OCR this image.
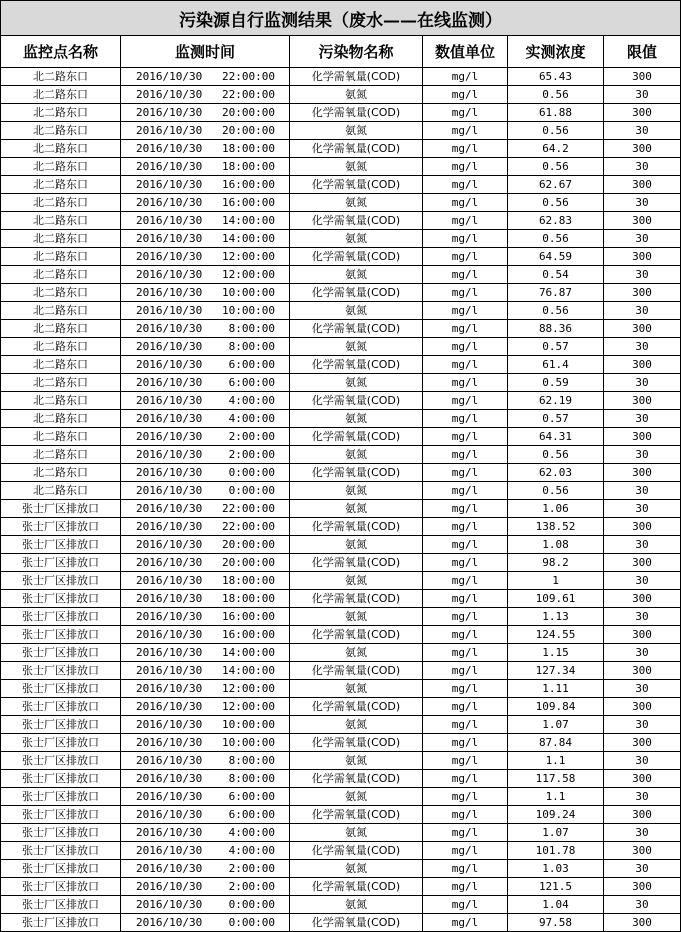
污染源自行监测结果（废水——在线监测）					
监控点名称	监测时间	污染物名称	数值单位	实测浓度	限值
北二路东口	2016/10/30 22:00:00	化学需氧量(COD)	mg/l	65.43	300
北二路东口	2016/10/30 22:00:00	氨氮	mg/l	0.56	30
北二路东口	2016/10/30 20:00:00	化学需氧量(COD)	mg/l	61.88	300
北二路东口	2016/10/30 20:00:00	氨氮	mg/l	0.56	30
北二路东口	2016/10/30 18:00:00	化学需氧量(COD)	mg/l	64.2	300
北二路东口	2016/10/30 18:00:00	氨氮	mg/l	0.56	30
北二路东口	2016/10/30 16:00:00	化学需氧量(COD)	mg/l	62.67	300
北二路东口	2016/10/30 16:00:00	氨氮	mg/l	0.56	30
北二路东口	2016/10/30 14:00:00	化学需氧量(COD)	mg/l	62.83	300
北二路东口	2016/10/30 14:00:00	氨氮	mg/l	0.56	30
北二路东口	2016/10/30 12:00:00	化学需氧量(COD)	mg/l	64.59	300
北二路东口	2016/10/30 12:00:00	氨氮	mg/l	0.54	30
北二路东口	2016/10/30 10:00:00	化学需氧量(COD)	mg/l	76.87	300
北二路东口	2016/10/30 10:00:00	氨氮	mg/l	0.56	30
北二路东口	2016/10/30 8:00:00	化学需氧量(COD)	mg/l	88.36	300
北二路东口	2016/10/30 8:00:00	氨氮	mg/l	0.57	30
北二路东口	2016/10/30 6:00:00	化学需氧量(COD)	mg/l	61.4	300
北二路东口	2016/10/30 6:00:00	氨氮	mg/l	0.59	30
北二路东口	2016/10/30 4:00:00	化学需氧量(COD)	mg/l	62.19	300
北二路东口	2016/10/30 4:00:00	氨氮	mg/l	0.57	30
北二路东口	2016/10/30 2:00:00	化学需氧量(COD)	mg/l	64.31	300
北二路东口	2016/10/30 2:00:00	氨氮	mg/l	0.56	30
北二路东口	2016/10/30 0:00:00	化学需氧量(COD)	mg/l	62.03	300
北二路东口	2016/10/30 0:00:00	氨氮	mg/l	0.56	30
张士厂区排放口	2016/10/30 22:00:00	氨氮	mg/l	1.06	30
张士厂区排放口	2016/10/30 22:00:00	化学需氧量(COD)	mg/l	138.52	300
张士厂区排放口	2016/10/30 20:00:00	氨氮	mg/l	1.08	30
张士厂区排放口	2016/10/30 20:00:00	化学需氧量(COD)	mg/l	98.2	300
张士厂区排放口	2016/10/30 18:00:00	氨氮	mg/l	1	30
张士厂区排放口	2016/10/30 18:00:00	化学需氧量(COD)	mg/l	109.61	300
张士厂区排放口	2016/10/30 16:00:00	氨氮	mg/l	1.13	30
张士厂区排放口	2016/10/30 16:00:00	化学需氧量(COD)	mg/l	124.55	300
张士厂区排放口	2016/10/30 14:00:00	氨氮	mg/l	1.15	30
张士厂区排放口	2016/10/30 14:00:00	化学需氧量(COD)	mg/l	127.34	300
张士厂区排放口	2016/10/30 12:00:00	氨氮	mg/l	1.11	30
张士厂区排放口	2016/10/30 12:00:00	化学需氧量(COD)	mg/l	109.84	300
张士厂区排放口	2016/10/30 10:00:00	氨氮	mg/l	1.07	30
张士厂区排放口	2016/10/30 10:00:00	化学需氧量(COD)	mg/l	87.84	300
张士厂区排放口	2016/10/30 8:00:00	氨氮	mg/l	1.1	30
张士厂区排放口	2016/10/30 8:00:00	化学需氧量(COD)	mg/l	117.58	300
张士厂区排放口	2016/10/30 6:00:00	氨氮	mg/l	1.1	30
张士厂区排放口	2016/10/30 6:00:00	化学需氧量(COD)	mg/l	109.24	300
张士厂区排放口	2016/10/30 4:00:00	氨氮	mg/l	1.07	30
张士厂区排放口	2016/10/30 4:00:00	化学需氧量(COD)	mg/l	101.78	300
张士厂区排放口	2016/10/30 2:00:00	氨氮	mg/l	1.03	30
张士厂区排放口	2016/10/30 2:00:00	化学需氧量(COD)	mg/l	121.5	300
张士厂区排放口	2016/10/30 0:00:00	氨氮	mg/l	1.04	30
张士厂区排放口	2016/10/30 0:00:00	化学需氧量(COD)	mg/l	97.58	300
